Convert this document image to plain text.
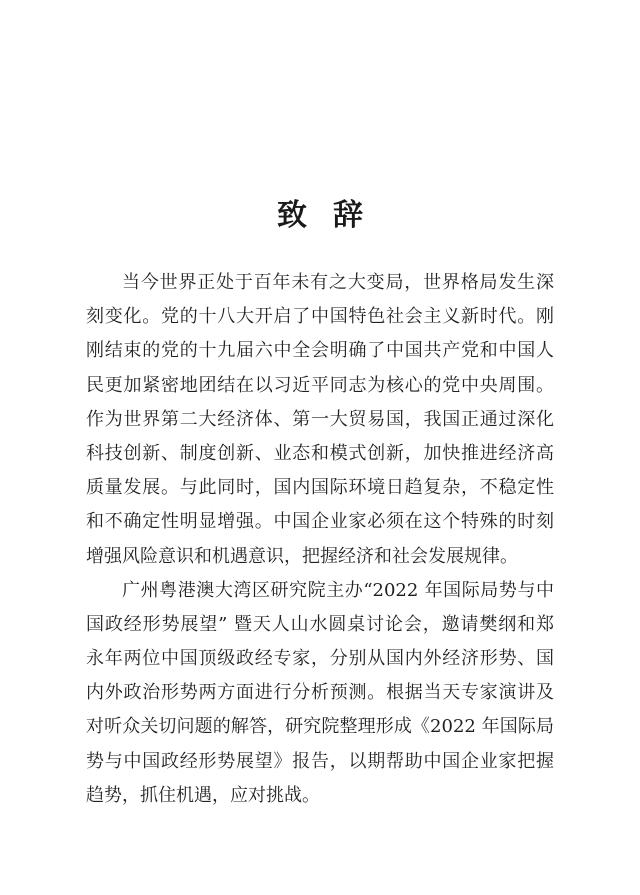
致辞
当今世界正处于百年未有之大变局，世界格局发生深
刻变化。党的十八大开启了中国特色社会主义新时代。刚
刚结束的党的十九届六中全会明确了中国共产党和中国人
民更加紧密地团结在以习近平同志为核心的党中央周围。
作为世界第二大经济体、第一大贸易国，我国正通过深化
科技创新、制度创新、业态和模式创新，加快推进经济高
质量发展。与此同时，国内国际环境日趋复杂，不稳定性
和不确定性明显增强。中国企业家必须在这个特殊的时刻
增强风险意识和机遇意识，把握经济和社会发展规律。
广州粤港澳大湾区研究院主办“2022 年国际局势与中
国政经形势展望” 暨天人山水圆桌讨论会，邀请樊纲和郑
永年两位中国顶级政经专家，分别从国内外经济形势、国
内外政治形势两方面进行分析预测。根据当天专家演讲及
对听众关切问题的解答，研究院整理形成《2022 年国际局
势与中国政经形势展望》报告，以期帮助中国企业家把握
趋势，抓住机遇，应对挑战。
